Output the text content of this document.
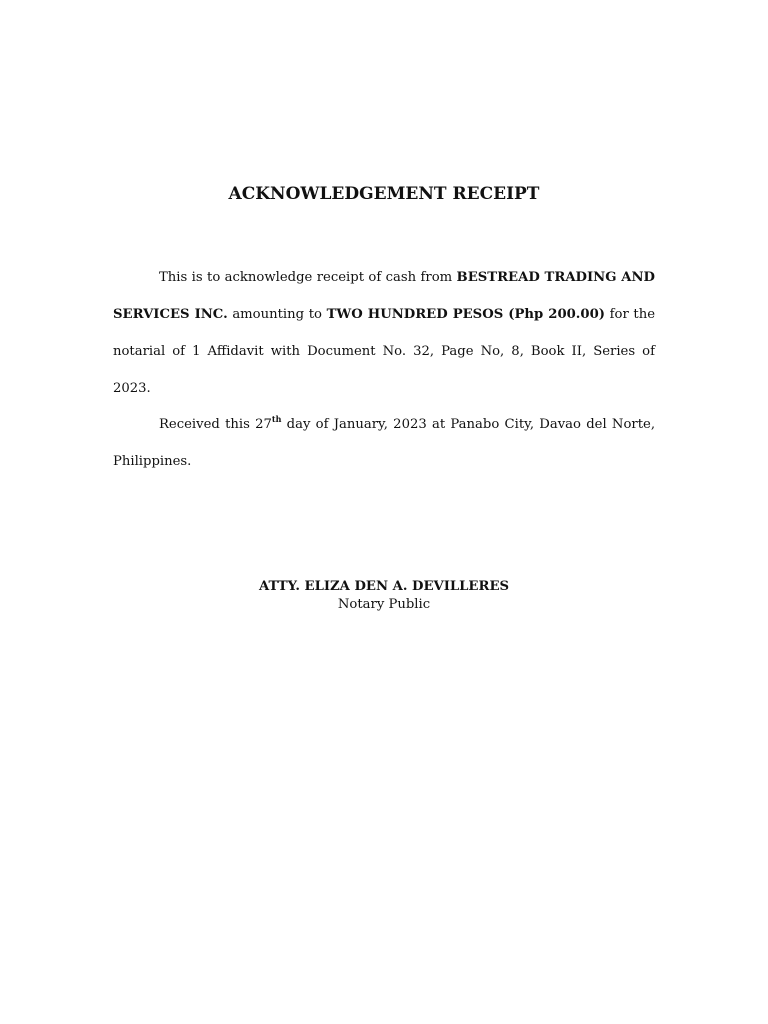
ACKNOWLEDGEMENT RECEIPT

This is to acknowledge receipt of cash from BESTREAD TRADING AND SERVICES INC. amounting to TWO HUNDRED PESOS (Php 200.00) for the notarial of 1 Affidavit with Document No. 32, Page No, 8, Book II, Series of 2023.

Received this 27th day of January, 2023 at Panabo City, Davao del Norte, Philippines.

ATTY. ELIZA DEN A. DEVILLERES
Notary Public
